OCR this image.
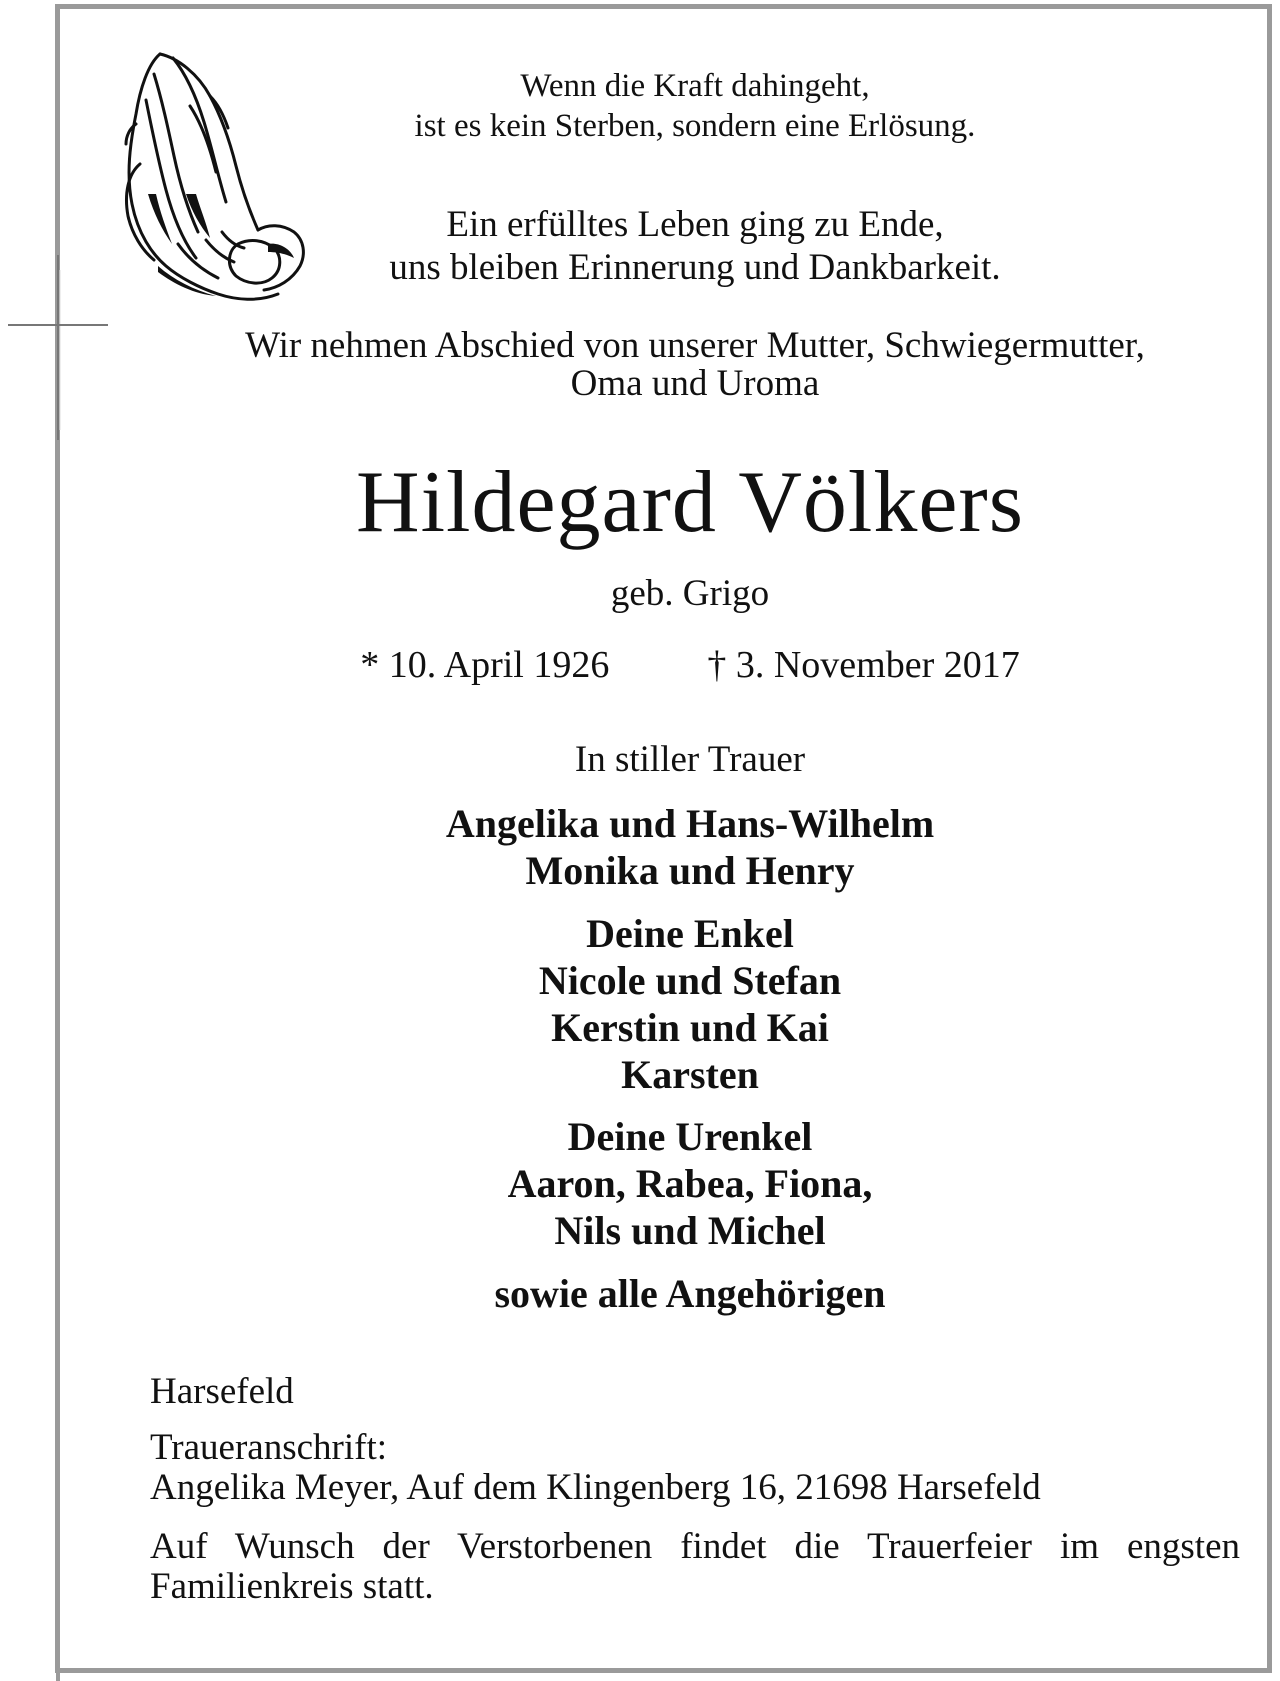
Wenn die Kraft dahingeht,
ist es kein Sterben, sondern eine Erlösung.
Ein erfülltes Leben ging zu Ende,
uns bleiben Erinnerung und Dankbarkeit.
Wir nehmen Abschied von unserer Mutter, Schwiegermutter,
Oma und Uroma
Hildegard Völkers
geb. Grigo
* 10. April 1926	† 3. November 2017
In stiller Trauer
Angelika und Hans-Wilhelm
Monika und Henry
Deine Enkel
Nicole und Stefan
Kerstin und Kai
Karsten
Deine Urenkel
Aaron, Rabea, Fiona,
Nils und Michel
sowie alle Angehörigen
Harsefeld
Traueranschrift:
Angelika Meyer, Auf dem Klingenberg 16, 21698 Harsefeld
Auf Wunsch der Verstorbenen findet die Trauerfeier im engsten Familienkreis statt.
